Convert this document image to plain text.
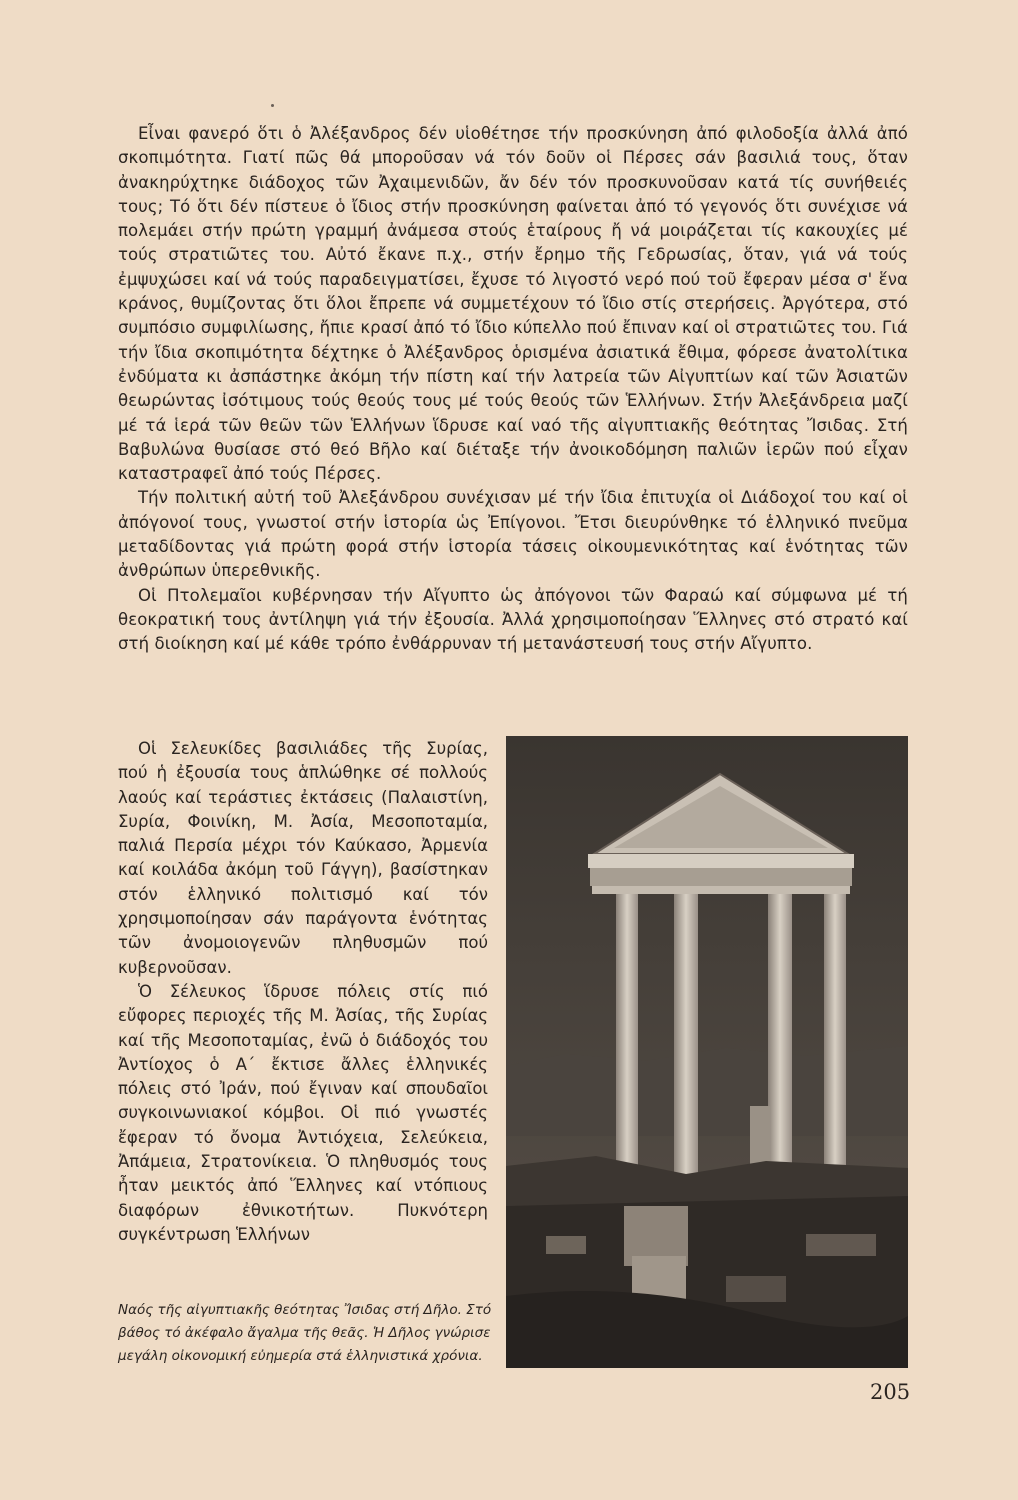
Εἶναι φανερό ὅτι ὁ Ἀλέξανδρος δέν υἱοθέτησε τήν προσκύνηση ἀπό φιλοδοξία ἀλλά ἀπό σκοπιμότητα. Γιατί πῶς θά μποροῦσαν νά τόν δοῦν οἱ Πέρσες σάν βασιλιά τους, ὅταν ἀνακηρύχτηκε διάδοχος τῶν Ἀχαιμενιδῶν, ἄν δέν τόν προσκυνοῦσαν κατά τίς συνήθειές τους; Τό ὅτι δέν πίστευε ὁ ἴδιος στήν προσκύνηση φαίνεται ἀπό τό γεγονός ὅτι συνέχισε νά πολεμάει στήν πρώτη γραμμή ἀνάμεσα στούς ἑταίρους ἤ νά μοιράζεται τίς κακουχίες μέ τούς στρατιῶτες του. Αὐτό ἔκανε π.χ., στήν ἔρημο τῆς Γεδρωσίας, ὅταν, γιά νά τούς ἐμψυχώσει καί νά τούς παραδειγματίσει, ἔχυσε τό λιγοστό νερό πού τοῦ ἔφεραν μέσα σ' ἕνα κράνος, θυμίζοντας ὅτι ὅλοι ἔπρεπε νά συμμετέχουν τό ἴδιο στίς στερήσεις. Ἀργότερα, στό συμπόσιο συμφιλίωσης, ἤπιε κρασί ἀπό τό ἴδιο κύπελλο πού ἔπιναν καί οἱ στρατιῶτες του. Γιά τήν ἴδια σκοπιμότητα δέχτηκε ὁ Ἀλέξανδρος ὁρισμένα ἀσιατικά ἔθιμα, φόρεσε ἀνατολίτικα ἐνδύματα κι ἀσπάστηκε ἀκόμη τήν πίστη καί τήν λατρεία τῶν Αἰγυπτίων καί τῶν Ἀσιατῶν θεωρώντας ἰσότιμους τούς θεούς τους μέ τούς θεούς τῶν Ἑλλήνων. Στήν Ἀλεξάνδρεια μαζί μέ τά ἱερά τῶν θεῶν τῶν Ἑλλήνων ἵδρυσε καί ναό τῆς αἰγυπτιακῆς θεότητας Ἴσιδας. Στή Βαβυλώνα θυσίασε στό θεό Βῆλο καί διέταξε τήν ἀνοικοδόμηση παλιῶν ἱερῶν πού εἶχαν καταστραφεῖ ἀπό τούς Πέρσες.

Τήν πολιτική αὐτή τοῦ Ἀλεξάνδρου συνέχισαν μέ τήν ἴδια ἐπιτυχία οἱ Διάδοχοί του καί οἱ ἀπόγονοί τους, γνωστοί στήν ἱστορία ὡς Ἐπίγονοι. Ἔτσι διευρύνθηκε τό ἑλληνικό πνεῦμα μεταδίδοντας γιά πρώτη φορά στήν ἱστορία τάσεις οἰκουμενικότητας καί ἑνότητας τῶν ἀνθρώπων ὑπερεθνικῆς.

Οἱ Πτολεμαῖοι κυβέρνησαν τήν Αἴγυπτο ὡς ἀπόγονοι τῶν Φαραώ καί σύμφωνα μέ τή θεοκρατική τους ἀντίληψη γιά τήν ἐξουσία. Ἀλλά χρησιμοποίησαν Ἕλληνες στό στρατό καί στή διοίκηση καί μέ κάθε τρόπο ἐνθάρρυναν τή μετανάστευσή τους στήν Αἴγυπτο.

Οἱ Σελευκίδες βασιλιάδες τῆς Συρίας, πού ἡ ἐξουσία τους ἁπλώθηκε σέ πολλούς λαούς καί τεράστιες ἐκτάσεις (Παλαιστίνη, Συρία, Φοινίκη, Μ. Ἀσία, Μεσοποταμία, παλιά Περσία μέχρι τόν Καύκασο, Ἀρμενία καί κοιλάδα ἀκόμη τοῦ Γάγγη), βασίστηκαν στόν ἑλληνικό πολιτισμό καί τόν χρησιμοποίησαν σάν παράγοντα ἑνότητας τῶν ἀνομοιογενῶν πληθυσμῶν πού κυβερνοῦσαν.

Ὁ Σέλευκος ἵδρυσε πόλεις στίς πιό εὔφορες περιοχές τῆς Μ. Ἀσίας, τῆς Συρίας καί τῆς Μεσοποταμίας, ἐνῶ ὁ διάδοχός του Ἀντίοχος ὁ Α΄ ἔκτισε ἄλλες ἑλληνικές πόλεις στό Ἰράν, πού ἔγιναν καί σπουδαῖοι συγκοινωνιακοί κόμβοι. Οἱ πιό γνωστές ἔφεραν τό ὄνομα Ἀντιόχεια, Σελεύκεια, Ἀπάμεια, Στρατονίκεια. Ὁ πληθυσμός τους ἦταν μεικτός ἀπό Ἕλληνες καί ντόπιους διαφόρων ἐθνικοτήτων. Πυκνότερη συγκέντρωση Ἑλλήνων

Ναός τῆς αἰγυπτιακῆς θεότητας Ἴσιδας στή Δῆλο. Στό βάθος τό ἀκέφαλο ἄγαλμα τῆς θεᾶς. Ἡ Δῆλος γνώρισε μεγάλη οἰκονομική εὐημερία στά ἑλληνιστικά χρόνια.
205
